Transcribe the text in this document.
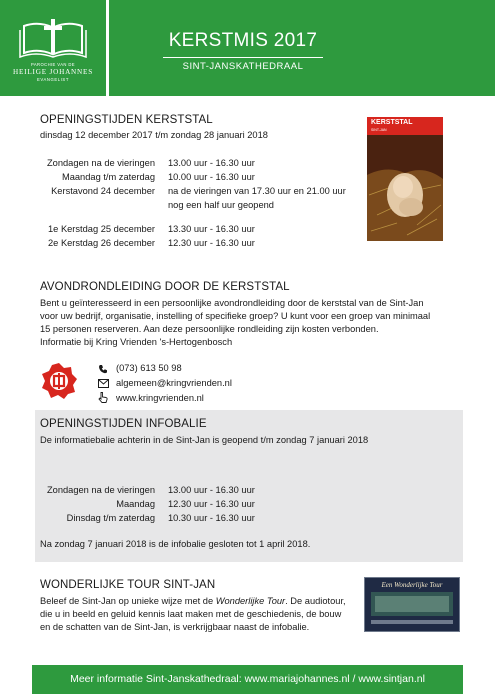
PAROCHIE VAN DE
HEILIGE JOHANNES
EVANGELIST
KERSTMIS 2017
SINT-JANSKATHEDRAAL
OPENINGSTIJDEN KERSTSTAL
dinsdag 12 december 2017 t/m zondag 28 januari 2018
Zondagen na de vieringen 13.00 uur - 16.30 uur
Maandag t/m zaterdag 10.00 uur - 16.30 uur
Kerstavond 24 december na de vieringen van 17.30 uur en 21.00 uur
nog een half uur geopend
1e Kerstdag 25 december 13.30 uur - 16.30 uur
2e Kerstdag 26 december 12.30 uur - 16.30 uur
KERSTSTAL
SINT-JAN
AVONDRONDLEIDING DOOR DE KERSTSTAL
Bent u geïnteresseerd in een persoonlijke avondrondleiding door de kerststal van de Sint-Jan
voor uw bedrijf, organisatie, instelling of specifieke groep? U kunt voor een groep van minimaal
15 personen reserveren. Aan deze persoonlijke rondleiding zijn kosten verbonden.
Informatie bij Kring Vrienden 's-Hertogenbosch
(073) 613 50 98
algemeen@kringvrienden.nl
www.kringvrienden.nl
OPENINGSTIJDEN INFOBALIE
De informatiebalie achterin in de Sint-Jan is geopend t/m zondag 7 januari 2018
Zondagen na de vieringen 13.00 uur - 16.30 uur
Maandag 12.30 uur - 16.30 uur
Dinsdag t/m zaterdag 10.30 uur - 16.30 uur
Na zondag 7 januari 2018 is de infobalie gesloten tot 1 april 2018.
WONDERLIJKE TOUR SINT-JAN
Beleef de Sint-Jan op unieke wijze met de Wonderlijke Tour. De audiotour,
die u in beeld en geluid kennis laat maken met de geschiedenis, de bouw
en de schatten van de Sint-Jan, is verkrijgbaar naast de infobalie.
Een Wonderlijke Tour
Meer informatie Sint-Janskathedraal: www.mariajohannes.nl / www.sintjan.nl
